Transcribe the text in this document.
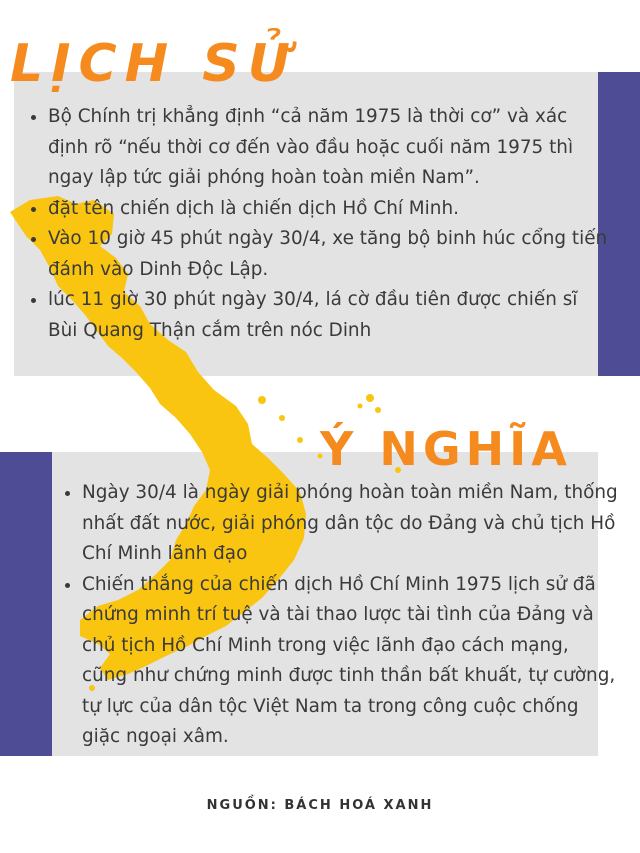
LỊCH SỬ
• Bộ Chính trị khẳng định “cả năm 1975 là thời cơ” và xác định rõ “nếu thời cơ đến vào đầu hoặc cuối năm 1975 thì ngay lập tức giải phóng hoàn toàn miền Nam”.
• đặt tên chiến dịch là chiến dịch Hồ Chí Minh.
• Vào 10 giờ 45 phút ngày 30/4, xe tăng bộ binh húc cổng tiến đánh vào Dinh Độc Lập.
• lúc 11 giờ 30 phút ngày 30/4, lá cờ đầu tiên được chiến sĩ Bùi Quang Thận cắm trên nóc Dinh
Ý NGHĨA
• Ngày 30/4 là ngày giải phóng hoàn toàn miền Nam, thống nhất đất nước, giải phóng dân tộc do Đảng và chủ tịch Hồ Chí Minh lãnh đạo
• Chiến thắng của chiến dịch Hồ Chí Minh 1975 lịch sử đã chứng minh trí tuệ và tài thao lược tài tình của Đảng và chủ tịch Hồ Chí Minh trong việc lãnh đạo cách mạng, cũng như chứng minh được tinh thần bất khuất, tự cường, tự lực của dân tộc Việt Nam ta trong công cuộc chống giặc ngoại xâm.
NGUỒN: BÁCH HOÁ XANH
